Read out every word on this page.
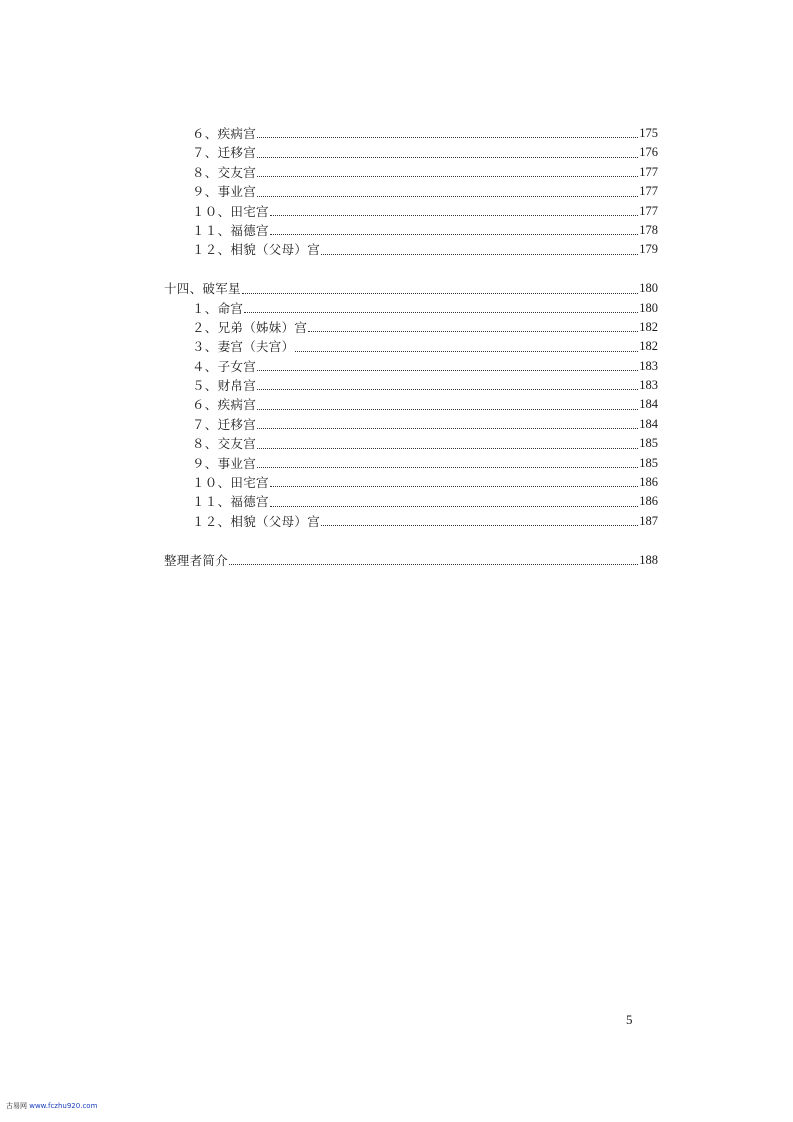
６、疾病宫	175
７、迁移宫	176
８、交友宫	177
９、事业宫	177
１０、田宅宫	177
１１、福德宫	178
１２、相貌（父母）宫	179
十四、破军星	180
１、命宫	180
２、兄弟（姊妹）宫	182
３、妻宫（夫宫）	182
４、子女宫	183
５、财帛宫	183
６、疾病宫	184
７、迁移宫	184
８、交友宫	185
９、事业宫	185
１０、田宅宫	186
１１、福德宫	186
１２、相貌（父母）宫	187
整理者简介	188
5
古易网 www.fczhu920.com
